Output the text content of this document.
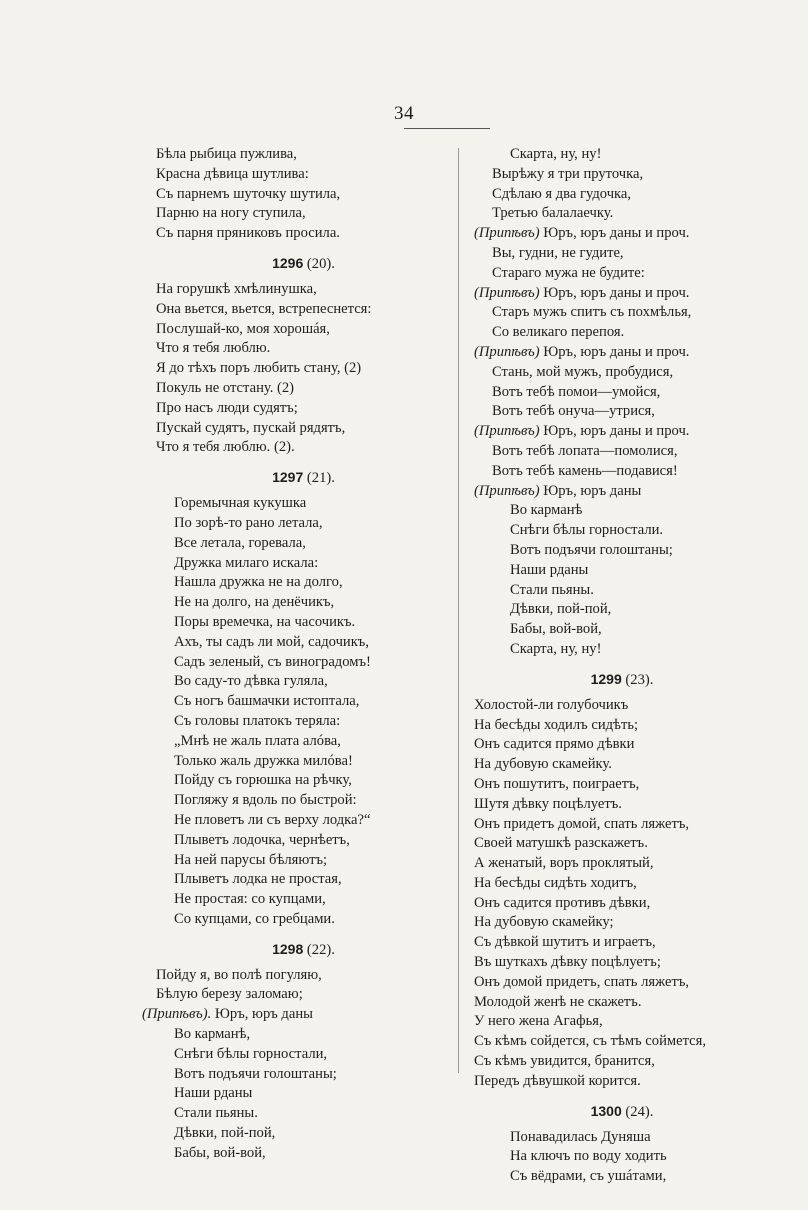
34
Бѣла рыбица пужлива,
Красна дѣвица шутлива:
Съ парнемъ шуточку шутила,
Парню на ногу ступила,
Съ парня пряниковъ просила.
1296 (20).
На горушкѣ хмѣлинушка,
Она вьется, вьется, встрепеснется:
Послушай-ко, моя хорошáя,
Что я тебя люблю.
Я до тѣхъ поръ любить стану, (2)
Покуль не отстану. (2)
Про насъ люди судятъ;
Пускай судятъ, пускай рядятъ,
Что я тебя люблю. (2).
1297 (21).
Горемычная кукушка
По зорѣ-то рано летала,
Все летала, горевала,
Дружка милаго искала:
Нашла дружка не на долго,
Не на долго, на денёчикъ,
Поры времечка, на часочикъ.
Ахъ, ты садъ ли мой, садочикъ,
Садъ зеленый, съ виноградомъ!
Во саду-то дѣвка гуляла,
Съ ногъ башмачки истоптала,
Съ головы платокъ теряла:
„Мнѣ не жаль плата алóва,
Только жаль дружка милóва!
Пойду съ горюшка на рѣчку,
Погляжу я вдоль по быстрой:
Не пловетъ ли съ верху лодка?“
Плыветъ лодочка, чернѣетъ,
На ней парусы бѣляютъ;
Плыветъ лодка не простая,
Не простая: со купцами,
Со купцами, со гребцами.
1298 (22).
Пойду я, во полѣ погуляю,
Бѣлую березу заломаю;
(Припѣвъ). Юръ, юръ даны
Во карманѣ,
Снѣги бѣлы горностали,
Вотъ подъячи голоштаны;
Наши рданы
Стали пьяны.
Дѣвки, пой-пой,
Бабы, вой-вой,
Скарта, ну, ну!
Вырѣжу я три пруточка,
Сдѣлаю я два гудочка,
Третью балалаечку.
(Припѣвъ) Юръ, юръ даны и проч.
Вы, гудни, не гудите,
Стараго мужа не будите:
(Припѣвъ) Юръ, юръ даны и проч.
Старъ мужъ спитъ съ похмѣлья,
Со великаго перепоя.
(Припѣвъ) Юръ, юръ даны и проч.
Стань, мой мужъ, пробудися,
Вотъ тебѣ помои—умойся,
Вотъ тебѣ онуча—утрися,
(Припѣвъ) Юръ, юръ даны и проч.
Вотъ тебѣ лопата—помолися,
Вотъ тебѣ камень—подавися!
(Припѣвъ) Юръ, юръ даны
Во карманѣ
Снѣги бѣлы горностали.
Вотъ подъячи голоштаны;
Наши рданы
Стали пьяны.
Дѣвки, пой-пой,
Бабы, вой-вой,
Скарта, ну, ну!
1299 (23).
Холостой-ли голубочикъ
На бесѣды ходилъ сидѣть;
Онъ садится прямо дѣвки
На дубовую скамейку.
Онъ пошутитъ, поиграетъ,
Шутя дѣвку поцѣлуетъ.
Онъ придетъ домой, спать ляжетъ,
Своей матушкѣ разскажетъ.
А женатый, воръ проклятый,
На бесѣды сидѣть ходитъ,
Онъ садится противъ дѣвки,
На дубовую скамейку;
Съ дѣвкой шутитъ и играетъ,
Въ шуткахъ дѣвку поцѣлуетъ;
Онъ домой придетъ, спать ляжетъ,
Молодой женѣ не скажетъ.
У него жена Агафья,
Съ кѣмъ сойдется, съ тѣмъ соймется,
Съ кѣмъ увидится, бранится,
Передъ дѣвушкой корится.
1300 (24).
Понавадилась Дуняша
На ключъ по воду ходить
Съ вёдрами, съ ушáтами,
